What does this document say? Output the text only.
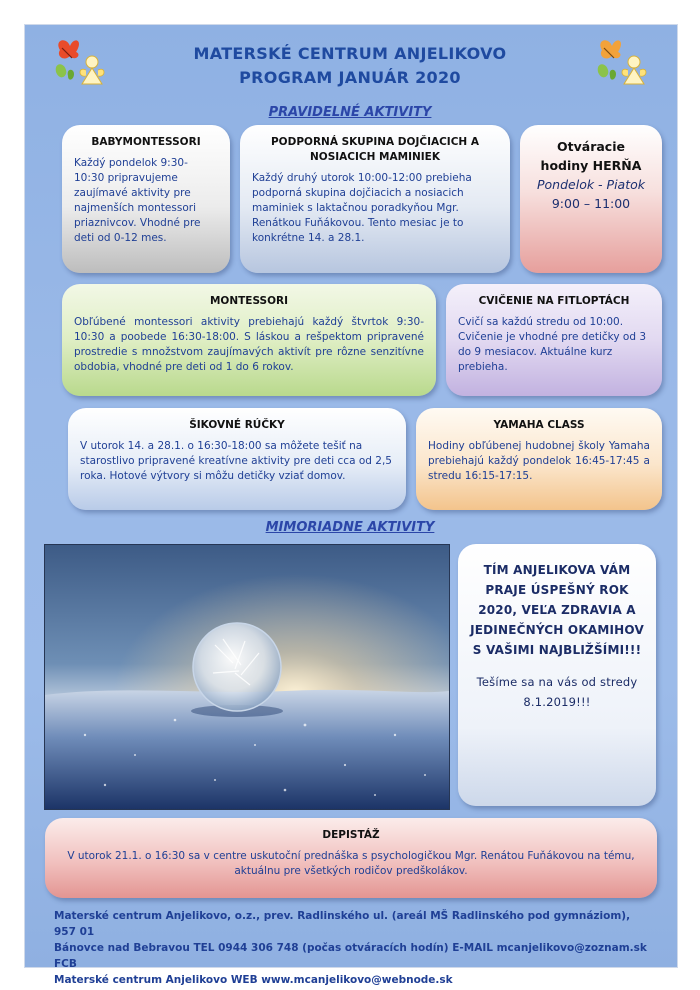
MATERSKÉ CENTRUM ANJELIKOVO
PROGRAM JANUÁR 2020
PRAVIDELNÉ AKTIVITY
BABYMONTESSORI

Každý pondelok 9:30-10:30 pripravujeme zaujímavé aktivity pre najmenších montessori priaznivcov. Vhodné pre deti od 0-12 mes.

PODPORNÁ SKUPINA DOJČIACICH A NOSIACICH MAMINIEK

Každý druhý utorok 10:00-12:00 prebieha podporná skupina dojčiacich a nosiacich maminiek s laktačnou poradkyňou Mgr. Renátkou Fuňákovou. Tento mesiac je to konkrétne 14. a 28.1.

Otváracie hodiny HERŇA
Pondelok - Piatok
9:00 – 11:00
MONTESSORI

Obľúbené montessori aktivity prebiehajú každý štvrtok 9:30-10:30 a poobede 16:30-18:00. S láskou a rešpektom pripravené prostredie s množstvom zaujímavých aktivít pre rôzne senzitívne obdobia, vhodné pre deti od 1 do 6 rokov.

CVIČENIE NA FITLOPTÁCH

Cvičí sa každú stredu od 10:00. Cvičenie je vhodné pre detičky od 3 do 9 mesiacov. Aktuálne kurz prebieha.

ŠIKOVNÉ RÚČKY

V utorok 14. a 28.1. o 16:30-18:00 sa môžete tešiť na starostlivo pripravené kreatívne aktivity pre deti cca od 2,5 roka. Hotové výtvory si môžu detičky vziať domov.

YAMAHA CLASS

Hodiny obľúbenej hudobnej školy Yamaha prebiehajú každý pondelok 16:45-17:45 a stredu 16:15-17:15.

MIMORIADNE AKTIVITY
TÍM ANJELIKOVA VÁM PRAJE ÚSPEŠNÝ ROK 2020, VEĽA ZDRAVIA A JEDINEČNÝCH OKAMIHOV S VAŠIMI NAJBLIŽŠÍMI!!!
Tešíme sa na vás od stredy 8.1.2019!!!
DEPISTÁŽ

V utorok 21.1. o 16:30 sa v centre uskutoční prednáška s psychologičkou Mgr. Renátou Fuňákovou na tému, aktuálnu pre všetkých rodičov predškolákov.

Materské centrum Anjelikovo, o.z., prev. Radlinského ul. (areál MŠ Radlinského pod gymnáziom), 957 01
Bánovce nad Bebravou TEL 0944 306 748 (počas otváracích hodín) E-MAIL mcanjelikovo@zoznam.sk FCB
Materské centrum Anjelikovo WEB www.mcanjelikovo@webnode.sk
